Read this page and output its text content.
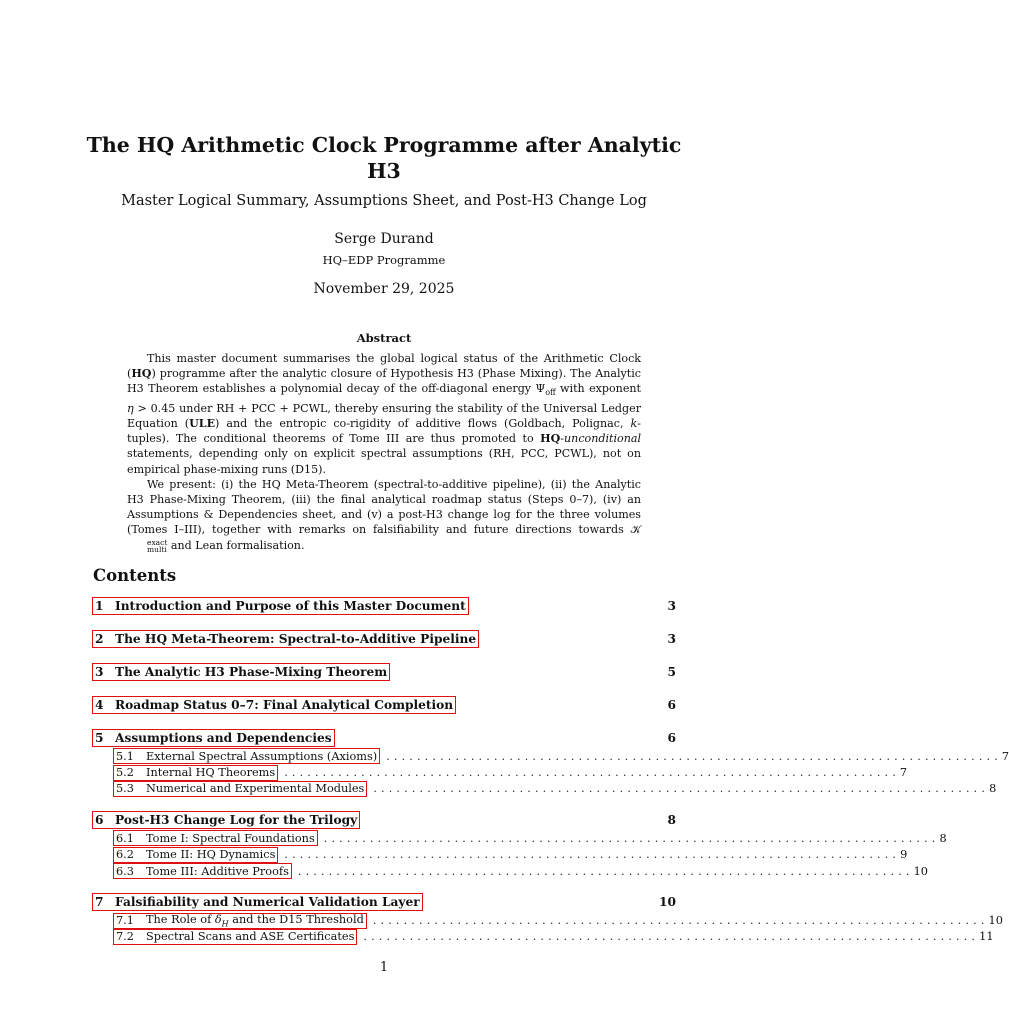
The HQ Arithmetic Clock Programme after Analytic H3
Master Logical Summary, Assumptions Sheet, and Post-H3 Change Log
Serge Durand
HQ–EDP Programme
November 29, 2025
Abstract

This master document summarises the global logical status of the Arithmetic Clock (HQ) programme after the analytic closure of Hypothesis H3 (Phase Mixing). The Analytic H3 Theorem establishes a polynomial decay of the off-diagonal energy $\Psi_{off}$ with exponent η > 0.45 under RH + PCC + PCWL, thereby ensuring the stability of the Universal Ledger Equation (ULE) and the entropic co-rigidity of additive flows (Goldbach, Polignac, k-tuples). The conditional theorems of Tome III are thus promoted to HQ-unconditional statements, depending only on explicit spectral assumptions (RH, PCC, PCWL), not on empirical phase-mixing runs (D15).

We present: (i) the HQ Meta-Theorem (spectral-to-additive pipeline), (ii) the Analytic H3 Phase-Mixing Theorem, (iii) the final analytical roadmap status (Steps 0–7), (iv) an Assumptions & Dependencies sheet, and (v) a post-H3 change log for the three volumes (Tomes I–III), together with remarks on falsifiability and future directions towards 𝒦
exact
multi and Lean formalisation.

Contents
1 Introduction and Purpose of this Master Document	3
2 The HQ Meta-Theorem: Spectral-to-Additive Pipeline	3
3 The Analytic H3 Phase-Mixing Theorem	5
4 Roadmap Status 0–7: Final Analytical Completion	6
5 Assumptions and Dependencies	6
5.1	External Spectral Assumptions (Axioms) ................................................................................ 7
5.2	Internal HQ Theorems ................................................................................ 7
5.3	Numerical and Experimental Modules ................................................................................ 8
6 Post-H3 Change Log for the Trilogy	8
6.1	Tome I: Spectral Foundations ................................................................................ 8
6.2	Tome II: HQ Dynamics ................................................................................ 9
6.3	Tome III: Additive Proofs ................................................................................ 10
7 Falsifiability and Numerical Validation Layer	10
7.1	The Role of $\delta_H$ and the D15 Threshold ................................................................................ 10
7.2	Spectral Scans and ASE Certificates ................................................................................ 11
1
